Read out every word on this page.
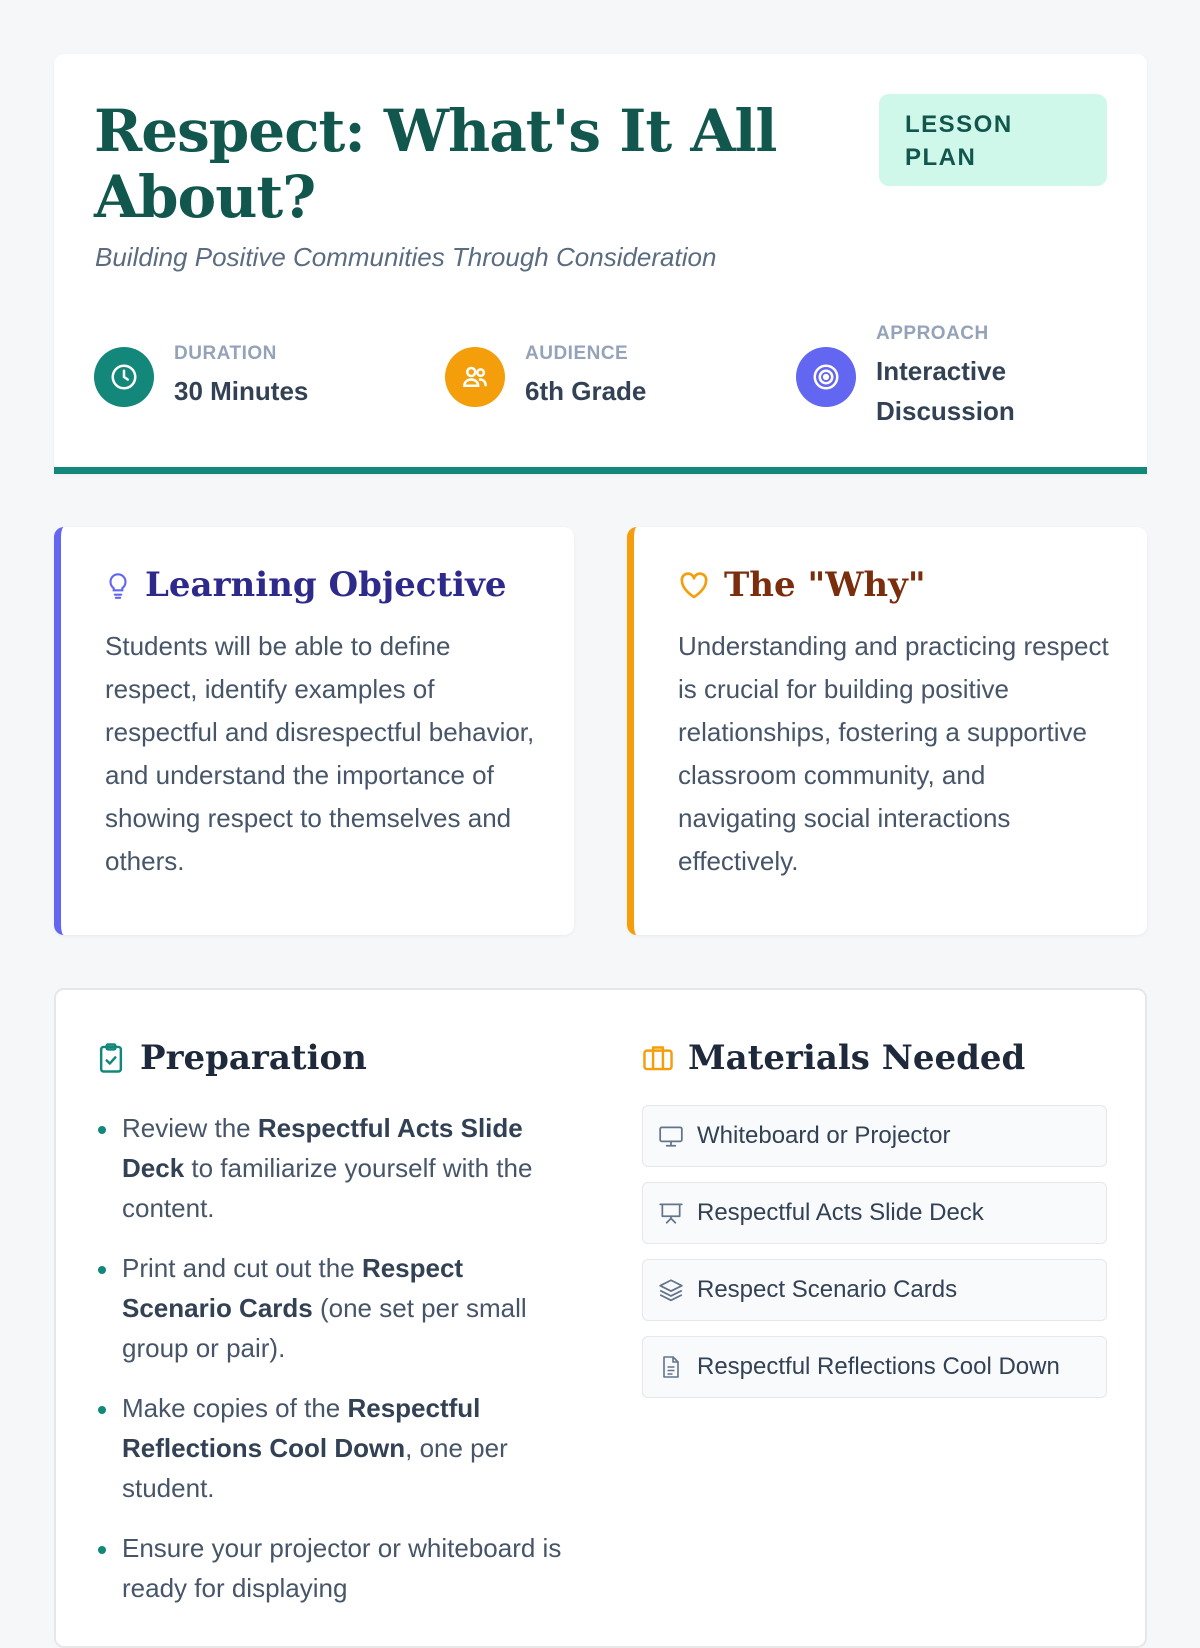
Respect: What's It All About?
Building Positive Communities Through Consideration
LESSON PLAN
DURATION
30 Minutes
AUDIENCE
6th Grade
APPROACH
Interactive Discussion
Learning Objective

Students will be able to define respect, identify examples of respectful and disrespectful behavior, and understand the importance of showing respect to themselves and others.

The "Why"

Understanding and practicing respect is crucial for building positive relationships, fostering a supportive classroom community, and navigating social interactions effectively.

Preparation
Review the Respectful Acts Slide Deck to familiarize yourself with the content.
Print and cut out the Respect Scenario Cards (one set per small group or pair).
Make copies of the Respectful Reflections Cool Down, one per student.
Ensure your projector or whiteboard is ready for displaying
Materials Needed
Whiteboard or Projector
Respectful Acts Slide Deck
Respect Scenario Cards
Respectful Reflections Cool Down
